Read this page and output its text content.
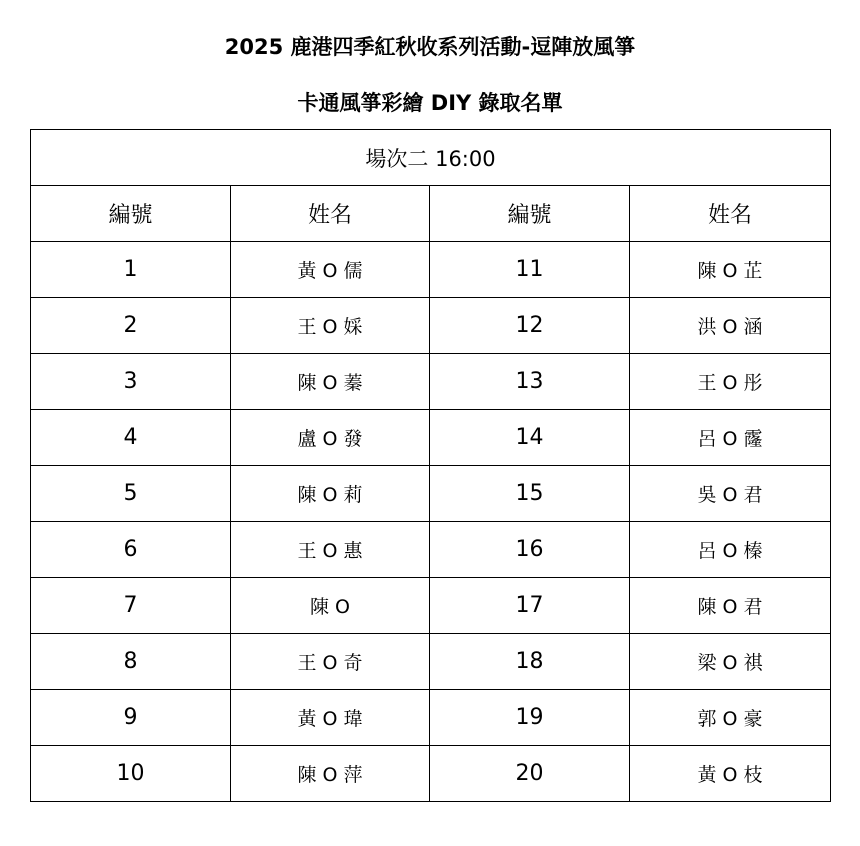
2025 鹿港四季紅秋收系列活動-逗陣放風箏
卡通風箏彩繪 DIY 錄取名單
場次二 16:00			
編號	姓名	編號	姓名
1	黃 O 儒	11	陳 O 芷
2	王 O 婇	12	洪 O 涵
3	陳 O 蓁	13	王 O 彤
4	盧 O 發	14	呂 O 霳
5	陳 O 莉	15	吳 O 君
6	王 O 惠	16	呂 O 榛
7	陳 O	17	陳 O 君
8	王 O 奇	18	梁 O 祺
9	黃 O 瑋	19	郭 O 豪
10	陳 O 萍	20	黃 O 枝
